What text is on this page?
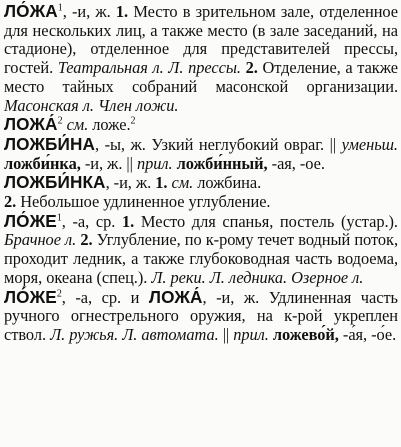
$ЛО́ЖА^1$, -и, ж. 1. Место в зрительном зале, отделенное для нескольких лиц, а также место (в зале заседаний, на стадионе), отделенное для представителей прессы, гостей. Театральная л. Л. прессы. 2. Отделение, а также место тайных собраний масонской организации. Масонская л. Член ложи.

ЛОЖА́$^2$ см. ложе.$^2$

ЛОЖБИ́НА, -ы, ж. Узкий неглубокий овраг. || уменьш. ложби́нка, -и, ж. || прил. ложби́нный, -ая, -ое.

ЛОЖБИ́НКА, -и, ж. 1. см. ложбина.
2. Небольшое удлиненное углубление.

$ЛО́ЖЕ^1$, -а, ср. 1. Место для спанья, постель (устар.). Брачное л. 2. Углубление, по к-рому течет водный поток, проходит ледник, а также глубоководная часть водоема, моря, океана (спец.). Л. реки. Л. ледника. Озерное л.

$ЛО́ЖЕ^2$, -а, ср. и ЛОЖА́, -и, ж. Удлиненная часть ручного огнестрельного оружия, на к-рой укреплен ствол. Л. ружья. Л. автомата. || прил. ложево́й, -а́я, -о́е.
